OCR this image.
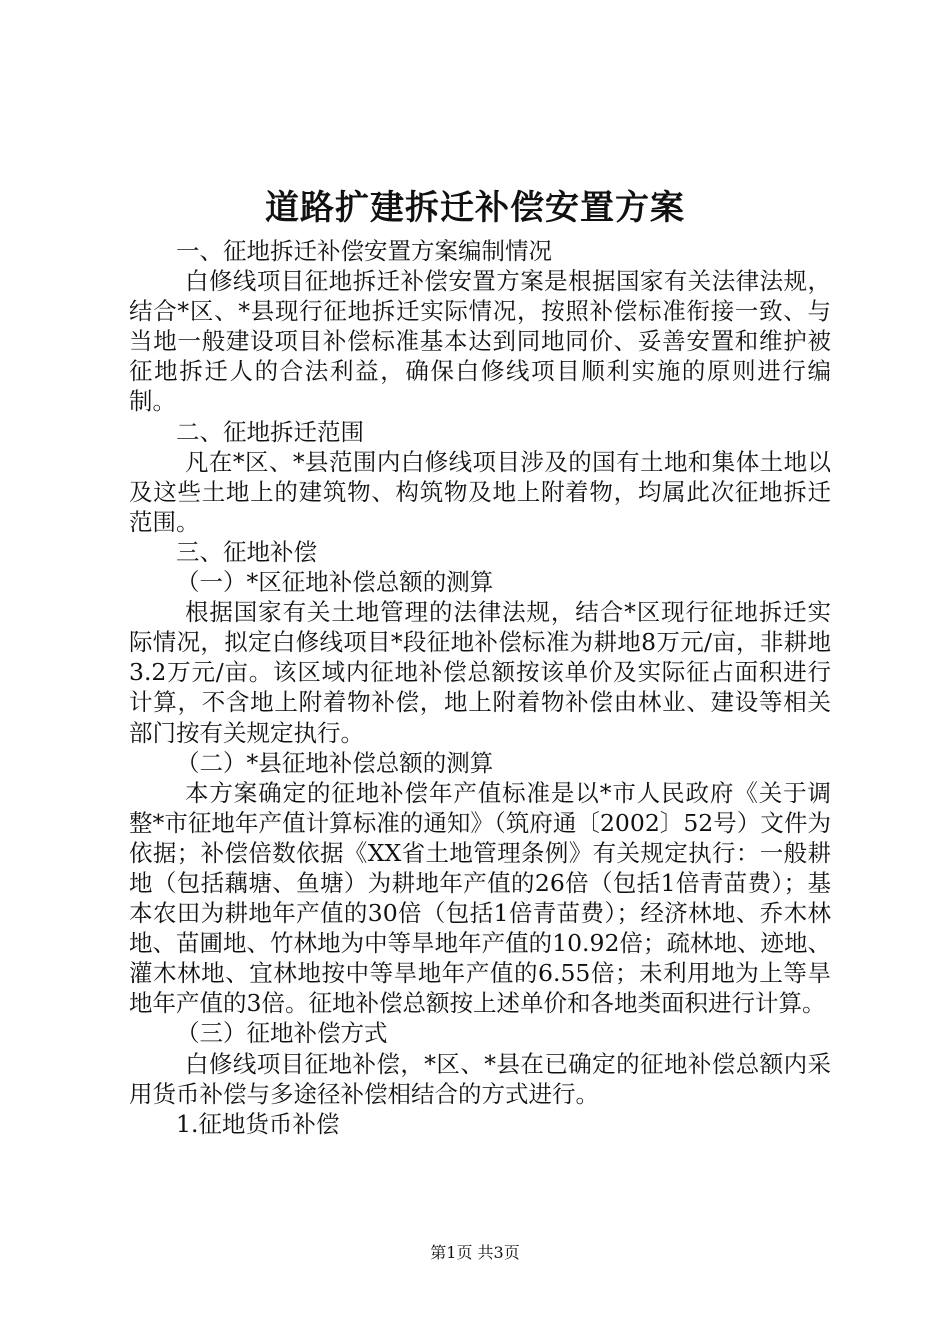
道路扩建拆迁补偿安置方案

一、征地拆迁补偿安置方案编制情况

白修线项目征地拆迁补偿安置方案是根据国家有关法律法规，结合*区、*县现行征地拆迁实际情况，按照补偿标准衔接一致、与当地一般建设项目补偿标准基本达到同地同价、妥善安置和维护被征地拆迁人的合法利益，确保白修线项目顺利实施的原则进行编制。

二、征地拆迁范围

凡在*区、*县范围内白修线项目涉及的国有土地和集体土地以及这些土地上的建筑物、构筑物及地上附着物，均属此次征地拆迁范围。

三、征地补偿

（一）*区征地补偿总额的测算

根据国家有关土地管理的法律法规，结合*区现行征地拆迁实际情况，拟定白修线项目*段征地补偿标准为耕地8万元/亩，非耕地3.2万元/亩。该区域内征地补偿总额按该单价及实际征占面积进行计算，不含地上附着物补偿，地上附着物补偿由林业、建设等相关部门按有关规定执行。

（二）*县征地补偿总额的测算

本方案确定的征地补偿年产值标准是以*市人民政府《关于调整*市征地年产值计算标准的通知》（筑府通〔2002〕52号）文件为依据；补偿倍数依据《XX省土地管理条例》有关规定执行：一般耕地（包括藕塘、鱼塘）为耕地年产值的26倍（包括1倍青苗费）；基本农田为耕地年产值的30倍（包括1倍青苗费）；经济林地、乔木林地、苗圃地、竹林地为中等旱地年产值的10.92倍；疏林地、迹地、灌木林地、宜林地按中等旱地年产值的6.55倍；未利用地为上等旱地年产值的3倍。征地补偿总额按上述单价和各地类面积进行计算。

（三）征地补偿方式

白修线项目征地补偿，*区、*县在已确定的征地补偿总额内采用货币补偿与多途径补偿相结合的方式进行。

1.征地货币补偿

第1页 共3页
